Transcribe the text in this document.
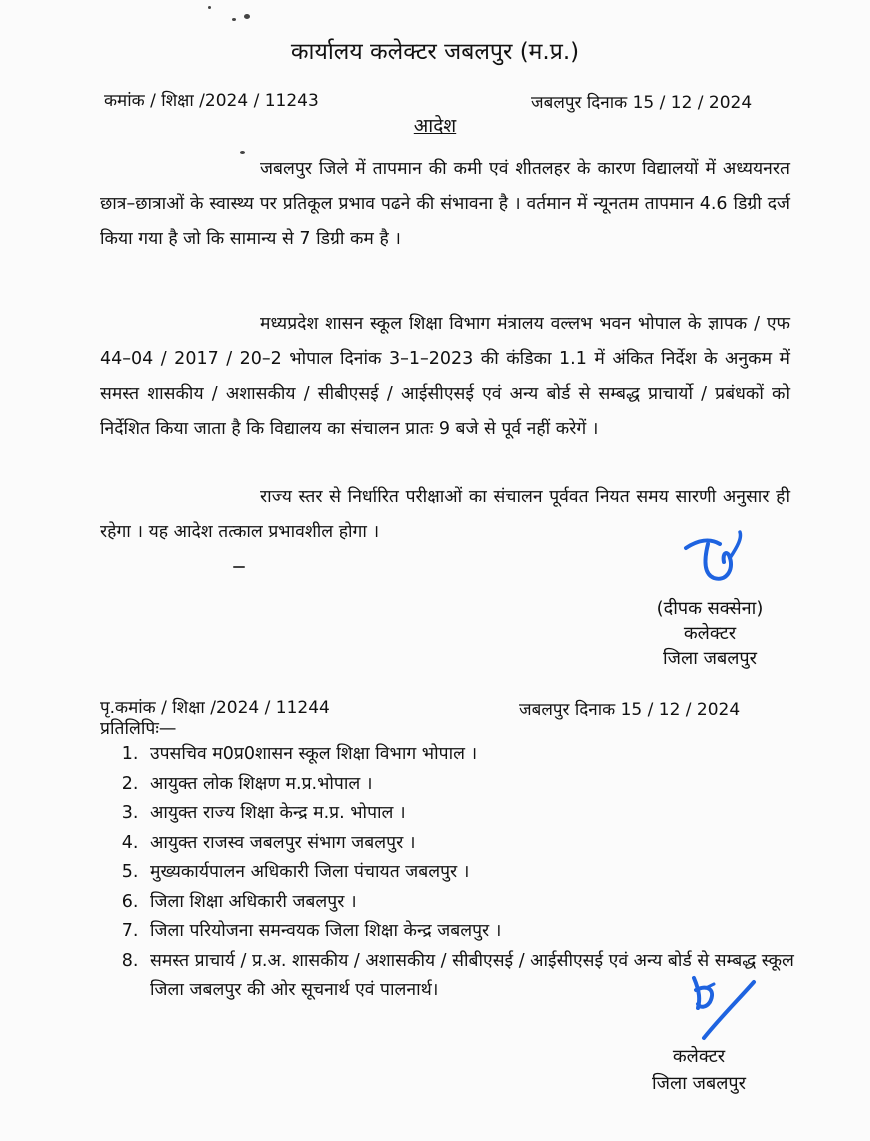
कार्यालय कलेक्टर जबलपुर (म.प्र.)
कमांक / शिक्षा /2024 / 11243	जबलपुर दिनाक 15 / 12 / 2024
आदेश
जबलपुर जिले में तापमान की कमी एवं शीतलहर के कारण विद्यालयों में अध्ययनरत छात्र–छात्राओं के स्वास्थ्य पर प्रतिकूल प्रभाव पढने की संभावना है । वर्तमान में न्यूनतम तापमान 4.6 डिग्री दर्ज किया गया है जो कि सामान्य से 7 डिग्री कम है ।
मध्यप्रदेश शासन स्कूल शिक्षा विभाग मंत्रालय वल्लभ भवन भोपाल के ज्ञापक / एफ 44–04 / 2017 / 20–2 भोपाल दिनांक 3–1–2023 की कंडिका 1.1 में अंकित निर्देश के अनुकम में समस्त शासकीय / अशासकीय / सीबीएसई / आईसीएसई एवं अन्य बोर्ड से सम्बद्ध प्राचार्यो / प्रबंधकों को निर्देशित किया जाता है कि विद्यालय का संचालन प्रातः 9 बजे से पूर्व नहीं करेगें ।
राज्य स्तर से निर्धारित परीक्षाओं का संचालन पूर्ववत नियत समय सारणी अनुसार ही रहेगा । यह आदेश तत्काल प्रभावशील होगा ।
(दीपक सक्सेना)
कलेक्टर
जिला जबलपुर
पृ.कमांक / शिक्षा /2024 / 11244	जबलपुर दिनाक 15 / 12 / 2024
प्रतिलिपिः—
1. उपसचिव म0प्र0शासन स्कूल शिक्षा विभाग भोपाल ।
2. आयुक्त लोक शिक्षण म.प्र.भोपाल ।
3. आयुक्त राज्य शिक्षा केन्द्र म.प्र. भोपाल ।
4. आयुक्त राजस्व जबलपुर संभाग जबलपुर ।
5. मुख्यकार्यपालन अधिकारी जिला पंचायत जबलपुर ।
6. जिला शिक्षा अधिकारी जबलपुर ।
7. जिला परियोजना समन्वयक जिला शिक्षा केन्द्र जबलपुर ।
8. समस्त प्राचार्य / प्र.अ. शासकीय / अशासकीय / सीबीएसई / आईसीएसई एवं अन्य बोर्ड से सम्बद्ध स्कूल जिला जबलपुर की ओर सूचनार्थ एवं पालनार्थ।
कलेक्टर
जिला जबलपुर
